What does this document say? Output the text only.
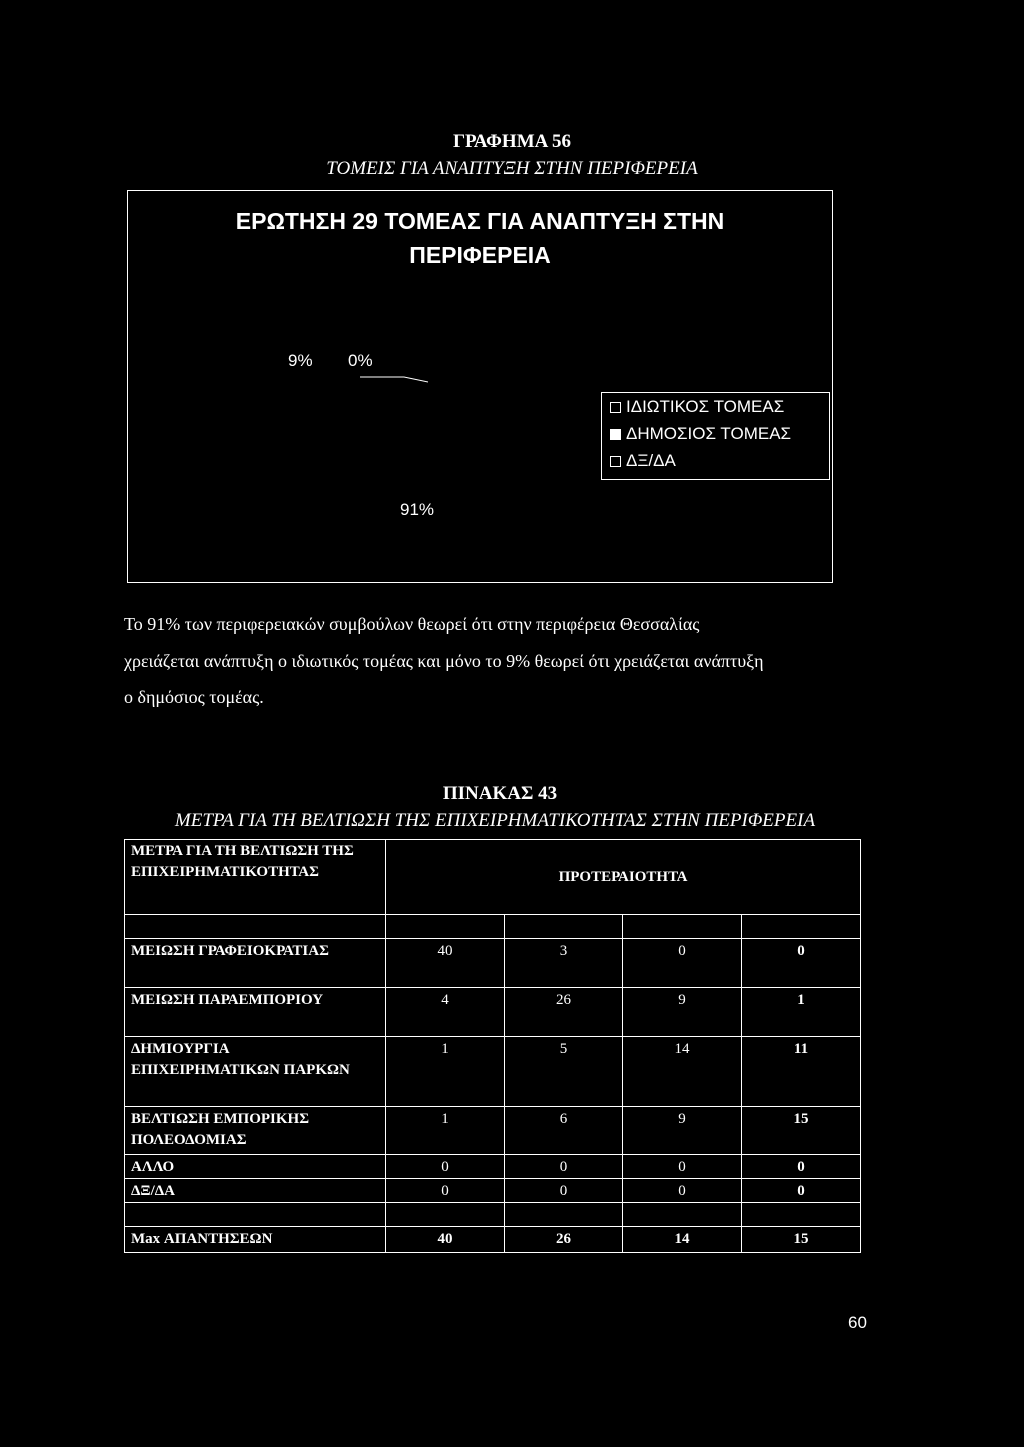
ΓΡΑΦΗΜΑ 56
ΤΟΜΕΙΣ ΓΙΑ ΑΝΑΠΤΥΞΗ ΣΤΗΝ ΠΕΡΙΦΕΡΕΙΑ
ΕΡΩΤΗΣΗ 29 ΤΟΜΕΑΣ ΓΙΑ ΑΝΑΠΤΥΞΗ ΣΤΗΝ
ΠΕΡΙΦΕΡΕΙΑ
9% 0%
91%
ΙΔΙΩΤΙΚΟΣ ΤΟΜΕΑΣ
ΔΗΜΟΣΙΟΣ ΤΟΜΕΑΣ
ΔΞ/ΔΑ
Το 91% των περιφερειακών συμβούλων θεωρεί ότι στην περιφέρεια Θεσσαλίας
χρειάζεται ανάπτυξη ο ιδιωτικός τομέας και μόνο το 9% θεωρεί ότι χρειάζεται ανάπτυξη
ο δημόσιος τομέας.
ΠΙΝΑΚΑΣ 43
ΜΕΤΡΑ ΓΙΑ ΤΗ ΒΕΛΤΙΩΣΗ ΤΗΣ ΕΠΙΧΕΙΡΗΜΑΤΙΚΟΤΗΤΑΣ ΣΤΗΝ ΠΕΡΙΦΕΡΕΙΑ
ΜΕΤΡΑ ΓΙΑ ΤΗ ΒΕΛΤΙΩΣΗ ΤΗΣ ΕΠΙΧΕΙΡΗΜΑΤΙΚΟΤΗΤΑΣ	ΠΡΟΤΕΡΑΙΟΤΗΤΑ			

ΜΕΙΩΣΗ ΓΡΑΦΕΙΟΚΡΑΤΙΑΣ	40	3	0	0
ΜΕΙΩΣΗ ΠΑΡΑΕΜΠΟΡΙΟΥ	4	26	9	1
ΔΗΜΙΟΥΡΓΙΑ ΕΠΙΧΕΙΡΗΜΑΤΙΚΩΝ ΠΑΡΚΩΝ	1	5	14	11
ΒΕΛΤΙΩΣΗ ΕΜΠΟΡΙΚΗΣ ΠΟΛΕΟΔΟΜΙΑΣ	1	6	9	15
ΑΛΛΟ	0	0	0	0
ΔΞ/ΔΑ	0	0	0	0

Max ΑΠΑΝΤΗΣΕΩΝ	40	26	14	15
60
